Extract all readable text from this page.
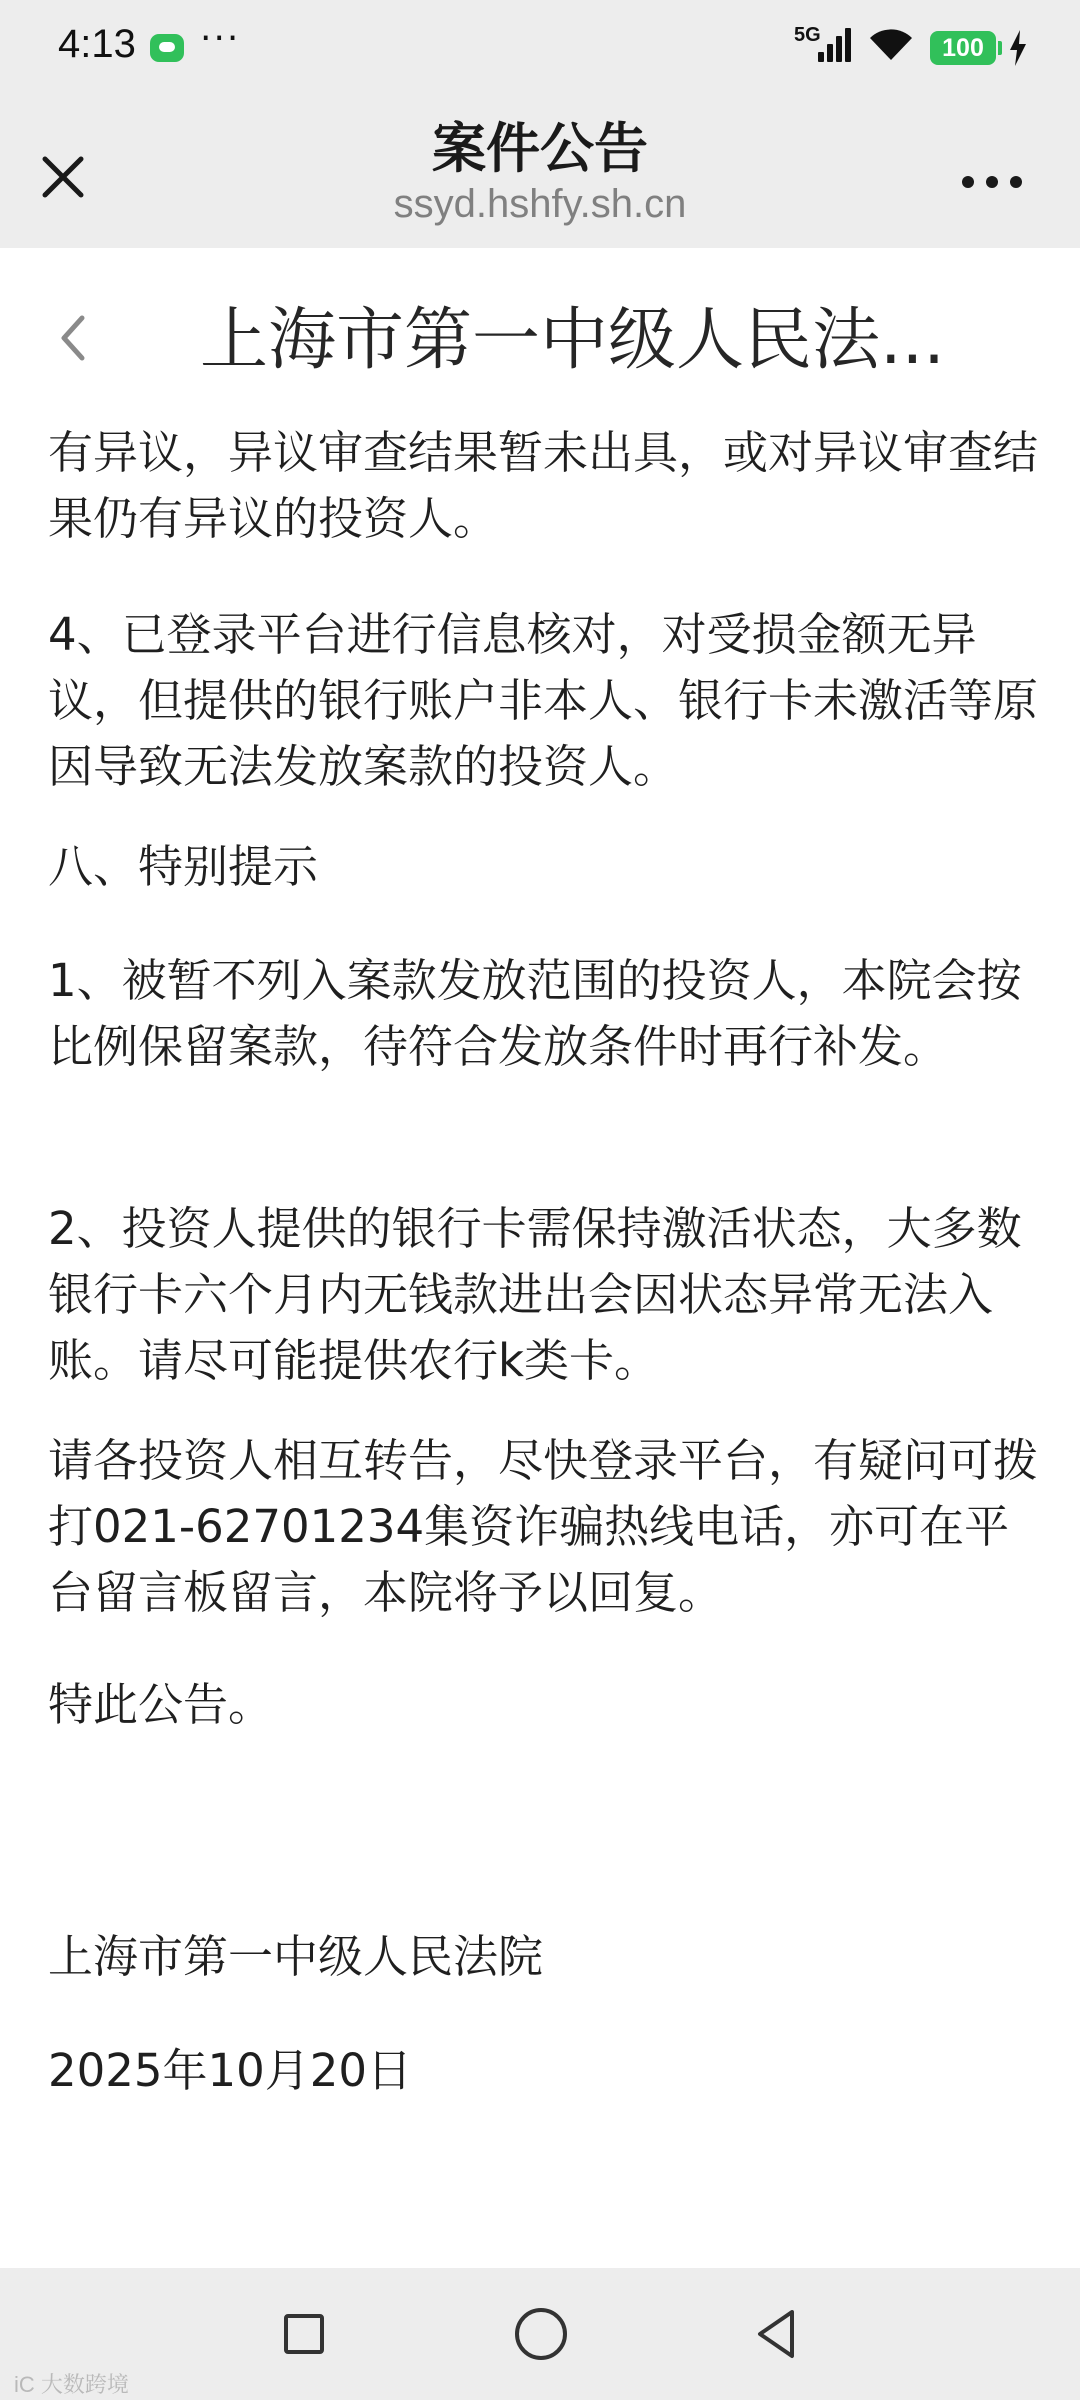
4:13 ···	5G	100
案件公告
ssyd.hshfy.sh.cn
上海市第一中级人民法...

有异议，异议审查结果暂未出具，或对异议审查结果仍有异议的投资人。

4、已登录平台进行信息核对，对受损金额无异议，但提供的银行账户非本人、银行卡未激活等原因导致无法发放案款的投资人。

八、特别提示

1、被暂不列入案款发放范围的投资人，本院会按比例保留案款，待符合发放条件时再行补发。

2、投资人提供的银行卡需保持激活状态，大多数银行卡六个月内无钱款进出会因状态异常无法入账。请尽可能提供农行k类卡。

请各投资人相互转告，尽快登录平台，有疑问可拨打021-62701234集资诈骗热线电话，亦可在平台留言板留言，本院将予以回复。

特此公告。

上海市第一中级人民法院

2025年10月20日

iC 大数跨境
